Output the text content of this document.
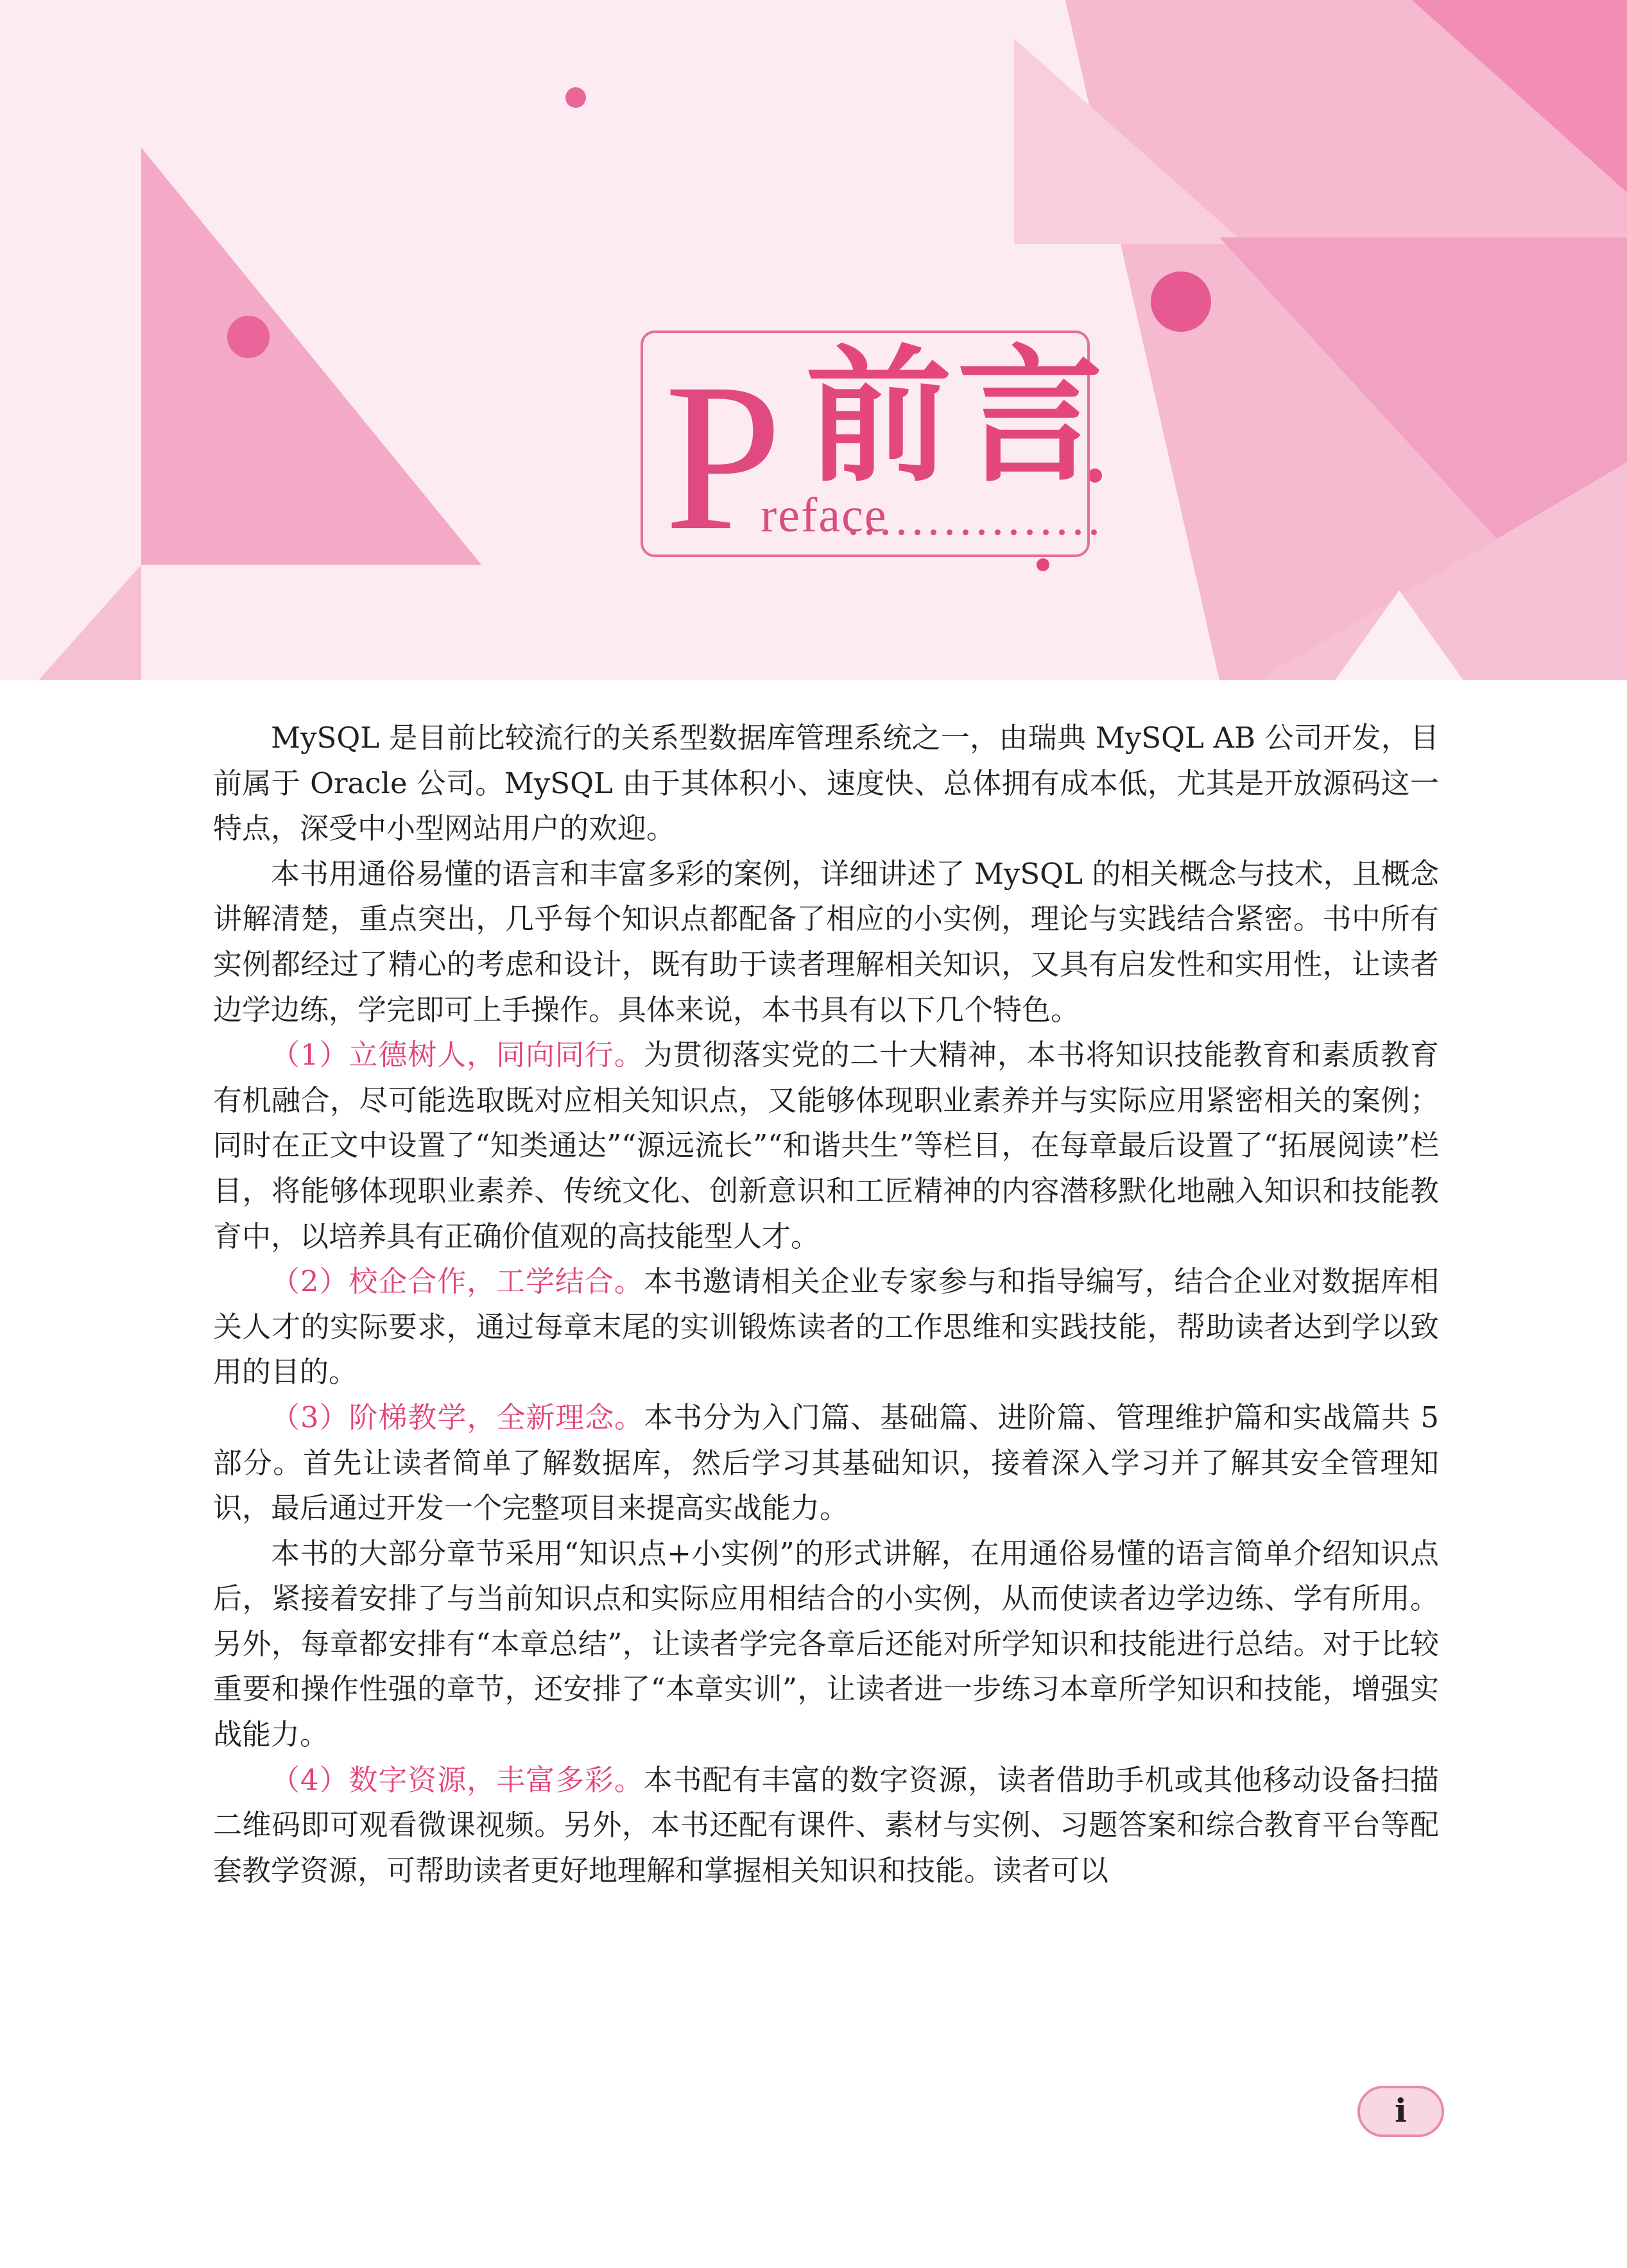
P 前言
reface
................

MySQL 是目前比较流行的关系型数据库管理系统之一，由瑞典 MySQL AB 公司开发，目前属于 Oracle 公司。MySQL 由于其体积小、速度快、总体拥有成本低，尤其是开放源码这一特点，深受中小型网站用户的欢迎。

本书用通俗易懂的语言和丰富多彩的案例，详细讲述了 MySQL 的相关概念与技术，且概念讲解清楚，重点突出，几乎每个知识点都配备了相应的小实例，理论与实践结合紧密。书中所有实例都经过了精心的考虑和设计，既有助于读者理解相关知识，又具有启发性和实用性，让读者边学边练，学完即可上手操作。具体来说，本书具有以下几个特色。

（1）立德树人，同向同行。为贯彻落实党的二十大精神，本书将知识技能教育和素质教育有机融合，尽可能选取既对应相关知识点，又能够体现职业素养并与实际应用紧密相关的案例；同时在正文中设置了“知类通达”“源远流长”“和谐共生”等栏目，在每章最后设置了“拓展阅读”栏目，将能够体现职业素养、传统文化、创新意识和工匠精神的内容潜移默化地融入知识和技能教育中，以培养具有正确价值观的高技能型人才。

（2）校企合作，工学结合。本书邀请相关企业专家参与和指导编写，结合企业对数据库相关人才的实际要求，通过每章末尾的实训锻炼读者的工作思维和实践技能，帮助读者达到学以致用的目的。

（3）阶梯教学，全新理念。本书分为入门篇、基础篇、进阶篇、管理维护篇和实战篇共 5 部分。首先让读者简单了解数据库，然后学习其基础知识，接着深入学习并了解其安全管理知识，最后通过开发一个完整项目来提高实战能力。

本书的大部分章节采用“知识点+小实例”的形式讲解，在用通俗易懂的语言简单介绍知识点后，紧接着安排了与当前知识点和实际应用相结合的小实例，从而使读者边学边练、学有所用。另外，每章都安排有“本章总结”，让读者学完各章后还能对所学知识和技能进行总结。对于比较重要和操作性强的章节，还安排了“本章实训”，让读者进一步练习本章所学知识和技能，增强实战能力。

（4）数字资源，丰富多彩。本书配有丰富的数字资源，读者借助手机或其他移动设备扫描二维码即可观看微课视频。另外，本书还配有课件、素材与实例、习题答案和综合教育平台等配套教学资源，可帮助读者更好地理解和掌握相关知识和技能。读者可以

i
